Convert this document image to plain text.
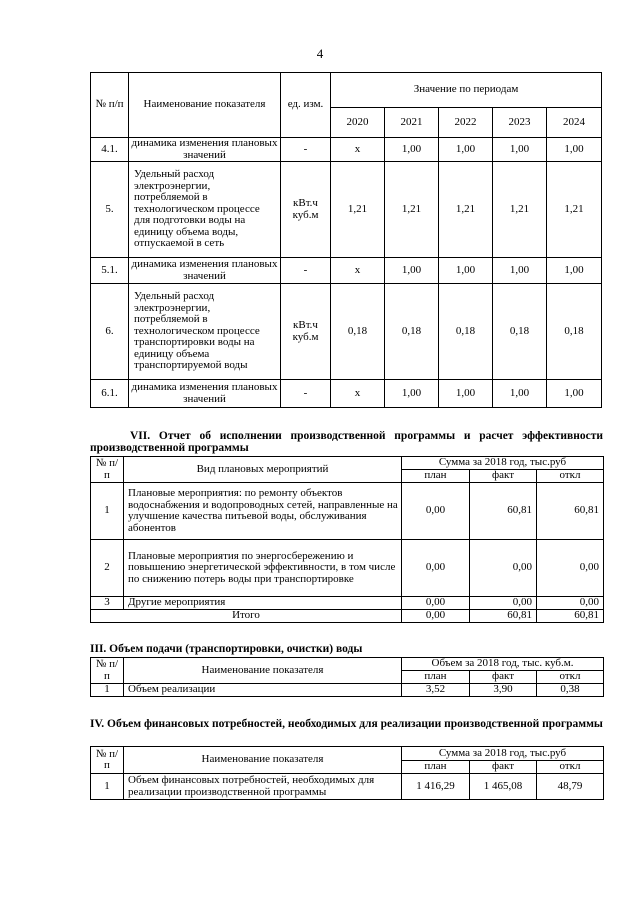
4
№ п/п	Наименование показателя	ед. изм.	Значение по периодам				
			2020	2021	2022	2023	2024
4.1.	динамика изменения плановых значений	-	x	1,00	1,00	1,00	1,00
5.	Удельный расход электроэнергии, потребляемой в технологическом процессе для подготовки воды на единицу объема воды, отпускаемой в сеть	кВт.ч куб.м	1,21	1,21	1,21	1,21	1,21
5.1.	динамика изменения плановых значений	-	x	1,00	1,00	1,00	1,00
6.	Удельный расход электроэнергии, потребляемой в технологическом процессе транспортировки воды на единицу объема транспортируемой воды	кВт.ч куб.м	0,18	0,18	0,18	0,18	0,18
6.1.	динамика изменения плановых значений	-	x	1,00	1,00	1,00	1,00

VII. Отчет об исполнении производственной программы и расчет эффективности
производственной программы

№ п/п	Вид плановых мероприятий	Сумма за 2018 год, тыс.руб		
		план	факт	откл
1	Плановые мероприятия: по ремонту объектов водоснабжения и водопроводных сетей, направленные на улучшение качества питьевой воды, обслуживания абонентов	0,00	60,81	60,81
2	Плановые мероприятия по энергосбережению и повышению энергетической эффективности, в том числе по снижению потерь воды при транспортировке	0,00	0,00	0,00
3	Другие мероприятия	0,00	0,00	0,00
Итого		0,00	60,81	60,81

III. Объем подачи (транспортировки, очистки) воды

№ п/п	Наименование показателя	Объем за 2018 год, тыс. куб.м.		
		план	факт	откл
1	Объем реализации	3,52	3,90	0,38

IV. Объем финансовых потребностей, необходимых для реализации производственной программы

№ п/п	Наименование показателя	Сумма за 2018 год, тыс.руб		
		план	факт	откл
1	Объем финансовых потребностей, необходимых для реализации производственной программы	1 416,29	1 465,08	48,79
